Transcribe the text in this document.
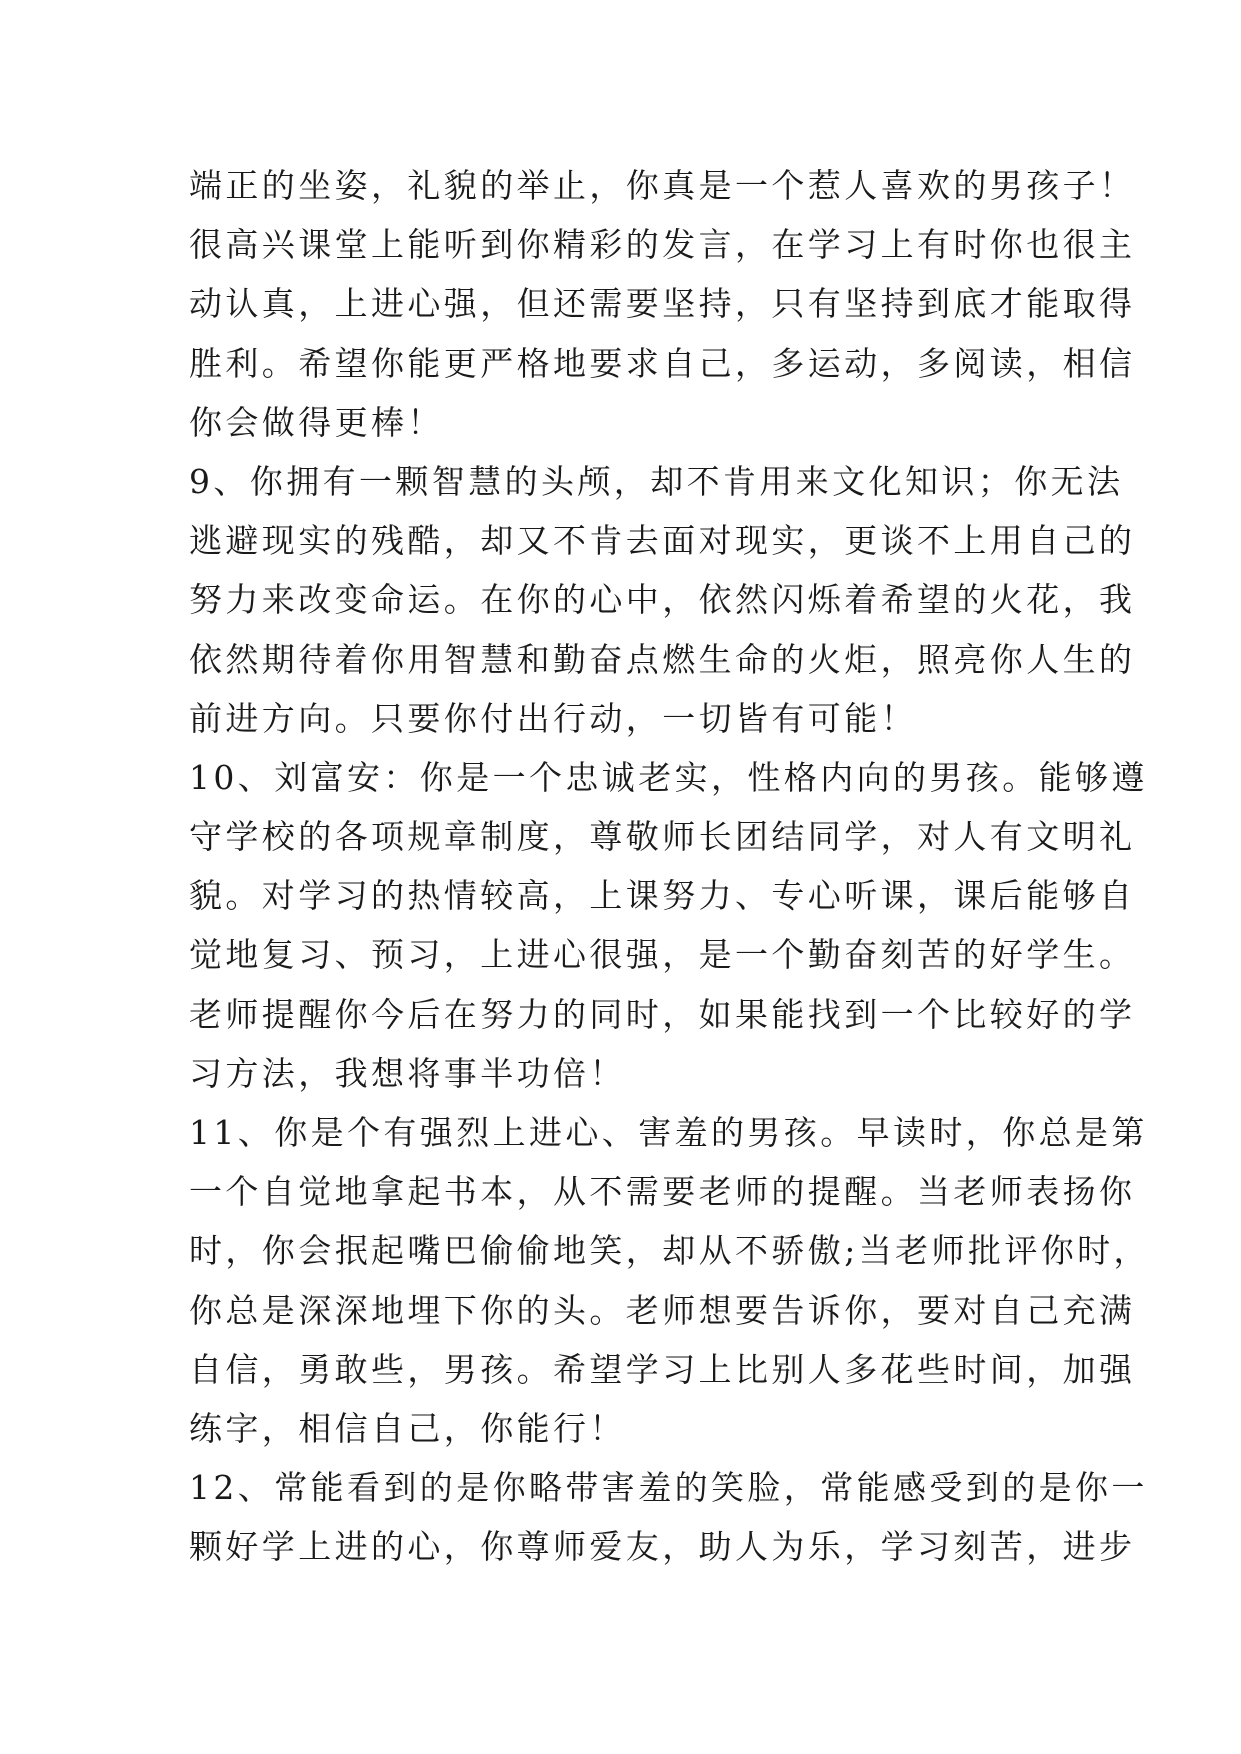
端正的坐姿，礼貌的举止，你真是一个惹人喜欢的男孩子！
很高兴课堂上能听到你精彩的发言，在学习上有时你也很主
动认真，上进心强，但还需要坚持，只有坚持到底才能取得
胜利。希望你能更严格地要求自己，多运动，多阅读，相信
你会做得更棒！
9、你拥有一颗智慧的头颅，却不肯用来文化知识；你无法
逃避现实的残酷，却又不肯去面对现实，更谈不上用自己的
努力来改变命运。在你的心中，依然闪烁着希望的火花，我
依然期待着你用智慧和勤奋点燃生命的火炬，照亮你人生的
前进方向。只要你付出行动，一切皆有可能！
10、刘富安：你是一个忠诚老实，性格内向的男孩。能够遵
守学校的各项规章制度，尊敬师长团结同学，对人有文明礼
貌。对学习的热情较高，上课努力、专心听课，课后能够自
觉地复习、预习，上进心很强，是一个勤奋刻苦的好学生。
老师提醒你今后在努力的同时，如果能找到一个比较好的学
习方法，我想将事半功倍！
11、你是个有强烈上进心、害羞的男孩。早读时，你总是第
一个自觉地拿起书本，从不需要老师的提醒。当老师表扬你
时，你会抿起嘴巴偷偷地笑，却从不骄傲;当老师批评你时，
你总是深深地埋下你的头。老师想要告诉你，要对自己充满
自信，勇敢些，男孩。希望学习上比别人多花些时间，加强
练字，相信自己，你能行！
12、常能看到的是你略带害羞的笑脸，常能感受到的是你一
颗好学上进的心，你尊师爱友，助人为乐，学习刻苦，进步
